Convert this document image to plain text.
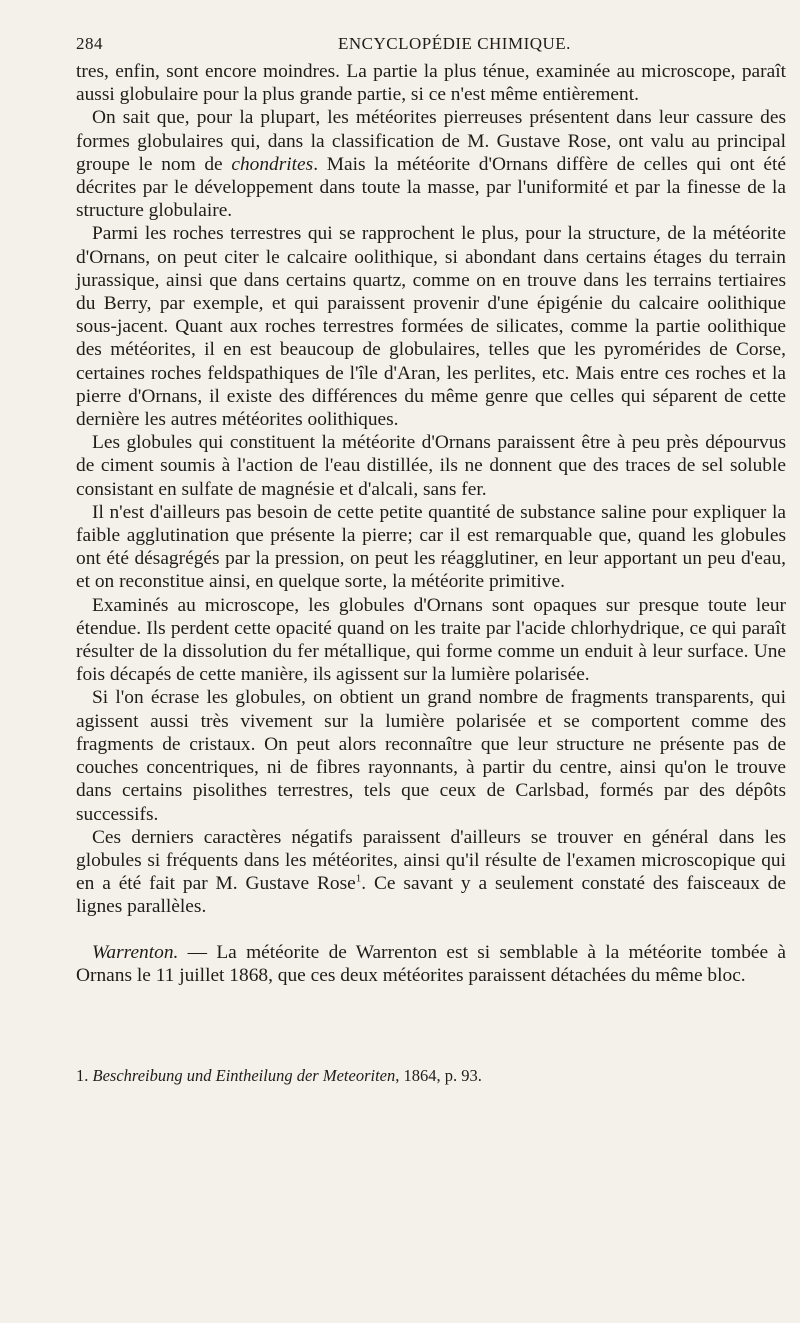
284	ENCYCLOPÉDIE CHIMIQUE.

tres, enfin, sont encore moindres. La partie la plus ténue, examinée au microscope, paraît aussi globulaire pour la plus grande partie, si ce n'est même entièrement.

On sait que, pour la plupart, les météorites pierreuses présentent dans leur cassure des formes globulaires qui, dans la classification de M. Gustave Rose, ont valu au principal groupe le nom de chondrites. Mais la météorite d'Ornans diffère de celles qui ont été décrites par le développement dans toute la masse, par l'uniformité et par la finesse de la structure globulaire.

Parmi les roches terrestres qui se rapprochent le plus, pour la structure, de la météorite d'Ornans, on peut citer le calcaire oolithique, si abondant dans certains étages du terrain jurassique, ainsi que dans certains quartz, comme on en trouve dans les terrains tertiaires du Berry, par exemple, et qui paraissent provenir d'une épigénie du calcaire oolithique sous-jacent. Quant aux roches terrestres formées de silicates, comme la partie oolithique des météorites, il en est beaucoup de globulaires, telles que les pyromérides de Corse, certaines roches feldspathiques de l'île d'Aran, les perlites, etc. Mais entre ces roches et la pierre d'Ornans, il existe des différences du même genre que celles qui séparent de cette dernière les autres météorites oolithiques.

Les globules qui constituent la météorite d'Ornans paraissent être à peu près dépourvus de ciment soumis à l'action de l'eau distillée, ils ne donnent que des traces de sel soluble consistant en sulfate de magnésie et d'alcali, sans fer.

Il n'est d'ailleurs pas besoin de cette petite quantité de substance saline pour expliquer la faible agglutination que présente la pierre; car il est remarquable que, quand les globules ont été désagrégés par la pression, on peut les réagglutiner, en leur apportant un peu d'eau, et on reconstitue ainsi, en quelque sorte, la météorite primitive.

Examinés au microscope, les globules d'Ornans sont opaques sur presque toute leur étendue. Ils perdent cette opacité quand on les traite par l'acide chlorhydrique, ce qui paraît résulter de la dissolution du fer métallique, qui forme comme un enduit à leur surface. Une fois décapés de cette manière, ils agissent sur la lumière polarisée.

Si l'on écrase les globules, on obtient un grand nombre de fragments transparents, qui agissent aussi très vivement sur la lumière polarisée et se comportent comme des fragments de cristaux. On peut alors reconnaître que leur structure ne présente pas de couches concentriques, ni de fibres rayonnants, à partir du centre, ainsi qu'on le trouve dans certains pisolithes terrestres, tels que ceux de Carlsbad, formés par des dépôts successifs.

Ces derniers caractères négatifs paraissent d'ailleurs se trouver en général dans les globules si fréquents dans les météorites, ainsi qu'il résulte de l'examen microscopique qui en a été fait par M. Gustave Rose$^1$. Ce savant y a seulement constaté des faisceaux de lignes parallèles.

Warrenton. — La météorite de Warrenton est si semblable à la météorite tombée à Ornans le 11 juillet 1868, que ces deux météorites paraissent détachées du même bloc.

1. Beschreibung und Eintheilung der Meteoriten, 1864, p. 93.
